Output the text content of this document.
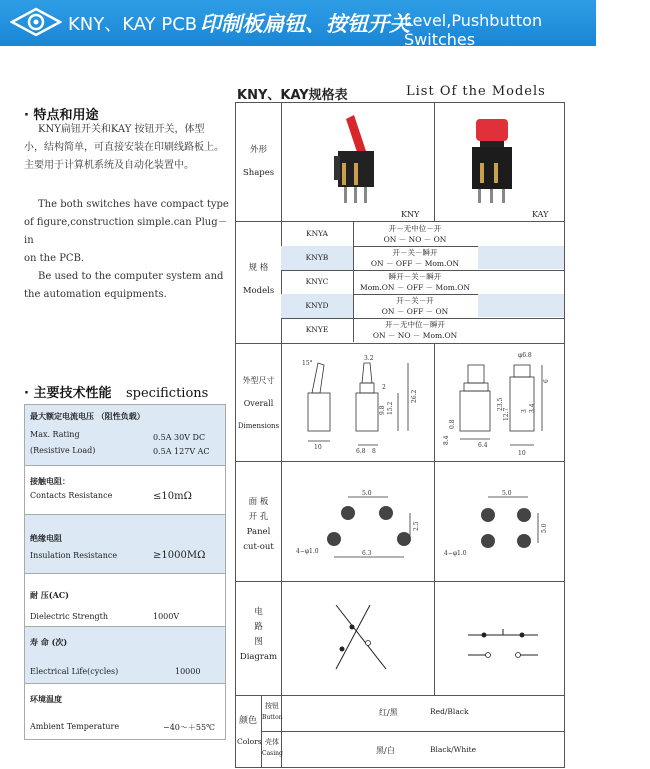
KNY、KAY PCB 印制板扁钮、按钮开关
Level,Pushbutton Switches
· 特点和用途
KNY扁钮开关和KAY 按钮开关，体型
小，结构简单，可直接安装在印刷线路板上。
主要用于计算机系统及自动化装置中。
The both switches have compact type
of figure,construction simple.can Plug－in
on the PCB.
Be used to the computer system and
the automation equipments.
· 主要技术性能 specifictions
最大额定电流电压 （阻性负载）
Max. Rating	0.5A 30V DC
(Resistive Load)	0.5A 127V AC
接触电阻：
Contacts Resistance	≤10mΩ
绝缘电阻
Insulation Resistance	≥1000MΩ
耐 压(AC)
Dielectric Strength	1000V
寿 命 (次)
Electrical Life(cycles)	10000
环境温度
Ambient Temperature	−40～＋55℃
KNY、KAY规格表	List Of the Models
外形
Shapes
KNY	KAY
规 格
Models
KNYA
开－无中位－开
ON － NO － ON
KNYB
开－关－瞬开
ON － OFF － Mom.ON
KNYC
瞬开－关－瞬开
Mom.ON － OFF － Mom.ON
KNYD
开－关－开
ON － OFF － ON
KNYE
开－无中位－瞬开
ON － NO － Mom.ON
外型尺寸
Overall
Dimensions
15°
3.2
2
10
6.8 8
15.2
26.2
9.8
φ6.8
6
23.5
6.4
8.4
10
12.7 3 3.4
0.8
面 板
开 孔
Panel
cut-out
5.0
2.5
6.3
4−φ1.0
5.0
5.0
4−φ1.0
电
路
图
Diagram
颜色
Colors
按钮
Button
壳体
Casing
红/黑	Red/Black
黑/白	Black/White
